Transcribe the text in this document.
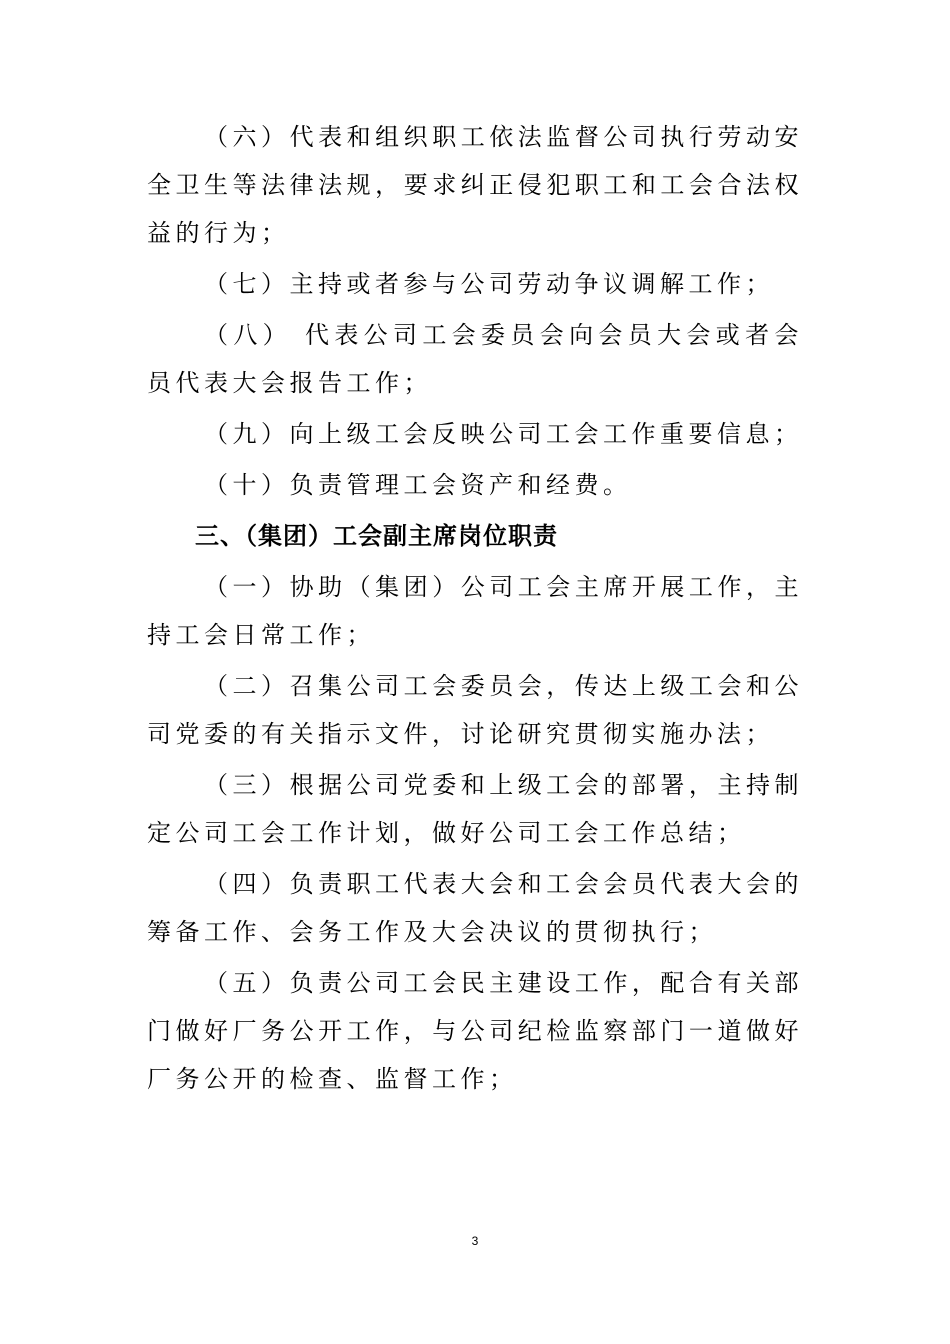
（六）代表和组织职工依法监督公司执行劳动安全卫生等法律法规，要求纠正侵犯职工和工会合法权益的行为；

（七）主持或者参与公司劳动争议调解工作；

（八） 代表公司工会委员会向会员大会或者会员代表大会报告工作；

（九）向上级工会反映公司工会工作重要信息；

（十）负责管理工会资产和经费。

三、（集团）工会副主席岗位职责

（一）协助（集团）公司工会主席开展工作，主持工会日常工作；

（二）召集公司工会委员会，传达上级工会和公司党委的有关指示文件，讨论研究贯彻实施办法；

（三）根据公司党委和上级工会的部署，主持制定公司工会工作计划，做好公司工会工作总结；

（四）负责职工代表大会和工会会员代表大会的筹备工作、会务工作及大会决议的贯彻执行；

（五）负责公司工会民主建设工作，配合有关部门做好厂务公开工作，与公司纪检监察部门一道做好厂务公开的检查、监督工作；

3
